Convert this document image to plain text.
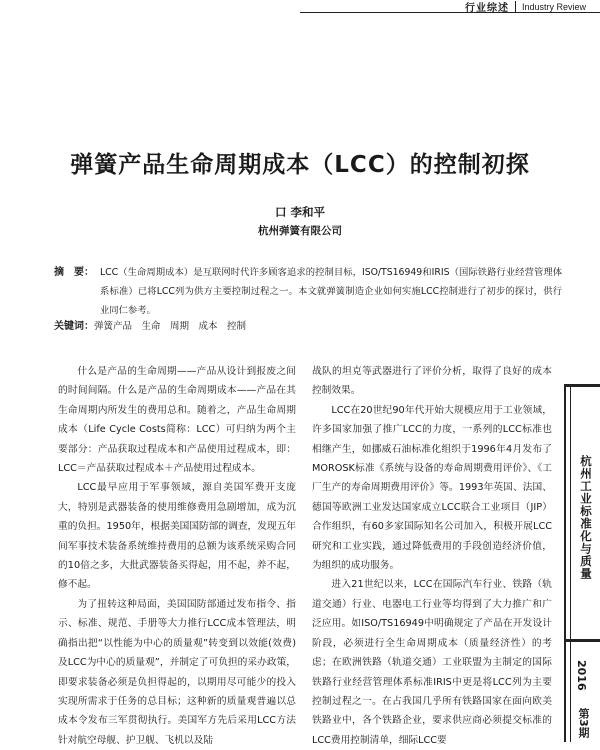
行业综述 Industry Review
弹簧产品生命周期成本（LCC）的控制初探
口 李和平
杭州弹簧有限公司
摘　要： LCC（生命周期成本）是互联网时代许多顾客追求的控制目标，ISO/TS16949和IRIS（国际铁路行业经营管理体系标准）已将LCC列为供方主要控制过程之一。本文就弹簧制造企业如何实施LCC控制进行了初步的探讨，供行业同仁参考。
关键词：弹簧产品　生命　周期　成本　控制

什么是产品的生命周期——产品从设计到报废之间的时间间隔。什么是产品的生命周期成本——产品在其生命周期内所发生的费用总和。随着之，产品生命周期成本（Life Cycle Costs简称：LCC）可归纳为两个主要部分：产品获取过程成本和产品使用过程成本，即：LCC＝产品获取过程成本＋产品使用过程成本。

LCC最早应用于军事领域，源自美国军费开支庞大，特别是武器装备的使用维修费用急剧增加，成为沉重的负担。1950年，根据美国国防部的调查，发现五年间军事技术装备系统维持费用的总额为该系统采购合同的10倍之多，大批武器装备买得起，用不起，养不起，修不起。

为了扭转这种局面，美国国防部通过发布指令、指示、标准、规范、手册等大力推行LCC成本管理法，明确指出把“以性能为中心的质量观”转变到以效能(效费)及LCC为中心的质量观”，并制定了可负担的采办政策，即要求装备必须是负担得起的，以期用尽可能少的投入实现所需求于任务的总目标；这种新的质量观普遍以总成本令发布三军贯彻执行。美国军方先后采用LCC方法针对航空母舰、护卫舰、飞机以及陆

战队的坦克等武器进行了评价分析，取得了良好的成本控制效果。

LCC在20世纪90年代开始大规模应用于工业领域，许多国家加强了推广LCC的力度，一系列的LCC标准也相继产生，如挪威石油标准化组织于1996年4月发布了MOROSK标准《系统与设备的寿命周期费用评价》、《工厂生产的寿命周期费用评价》等。1993年英国、法国、德国等欧洲工业发达国家成立LCC联合工业项目（JIP）合作组织，有60多家国际知名公司加入，积极开展LCC研究和工业实践，通过降低费用的手段创造经济价值，为组织的成功服务。

进入21世纪以来，LCC在国际汽车行业、铁路（轨道交通）行业、电器电工行业等均得到了大力推广和广泛应用。如ISO/TS16949中明确规定了产品在开发设计阶段，必须进行全生命周期成本（质量经济性）的考虑；在欧洲铁路（轨道交通）工业联盟为主制定的国际铁路行业经营管理体系标准IRIS中更是将LCC列为主要控制过程之一。在占我国几乎所有铁路国家在面向欧美铁路业中，各个铁路企业，要求供应商必须提交标准的LCC费用控制清单，细际LCC要

杭州工业标准化与质量
2016
第3期
